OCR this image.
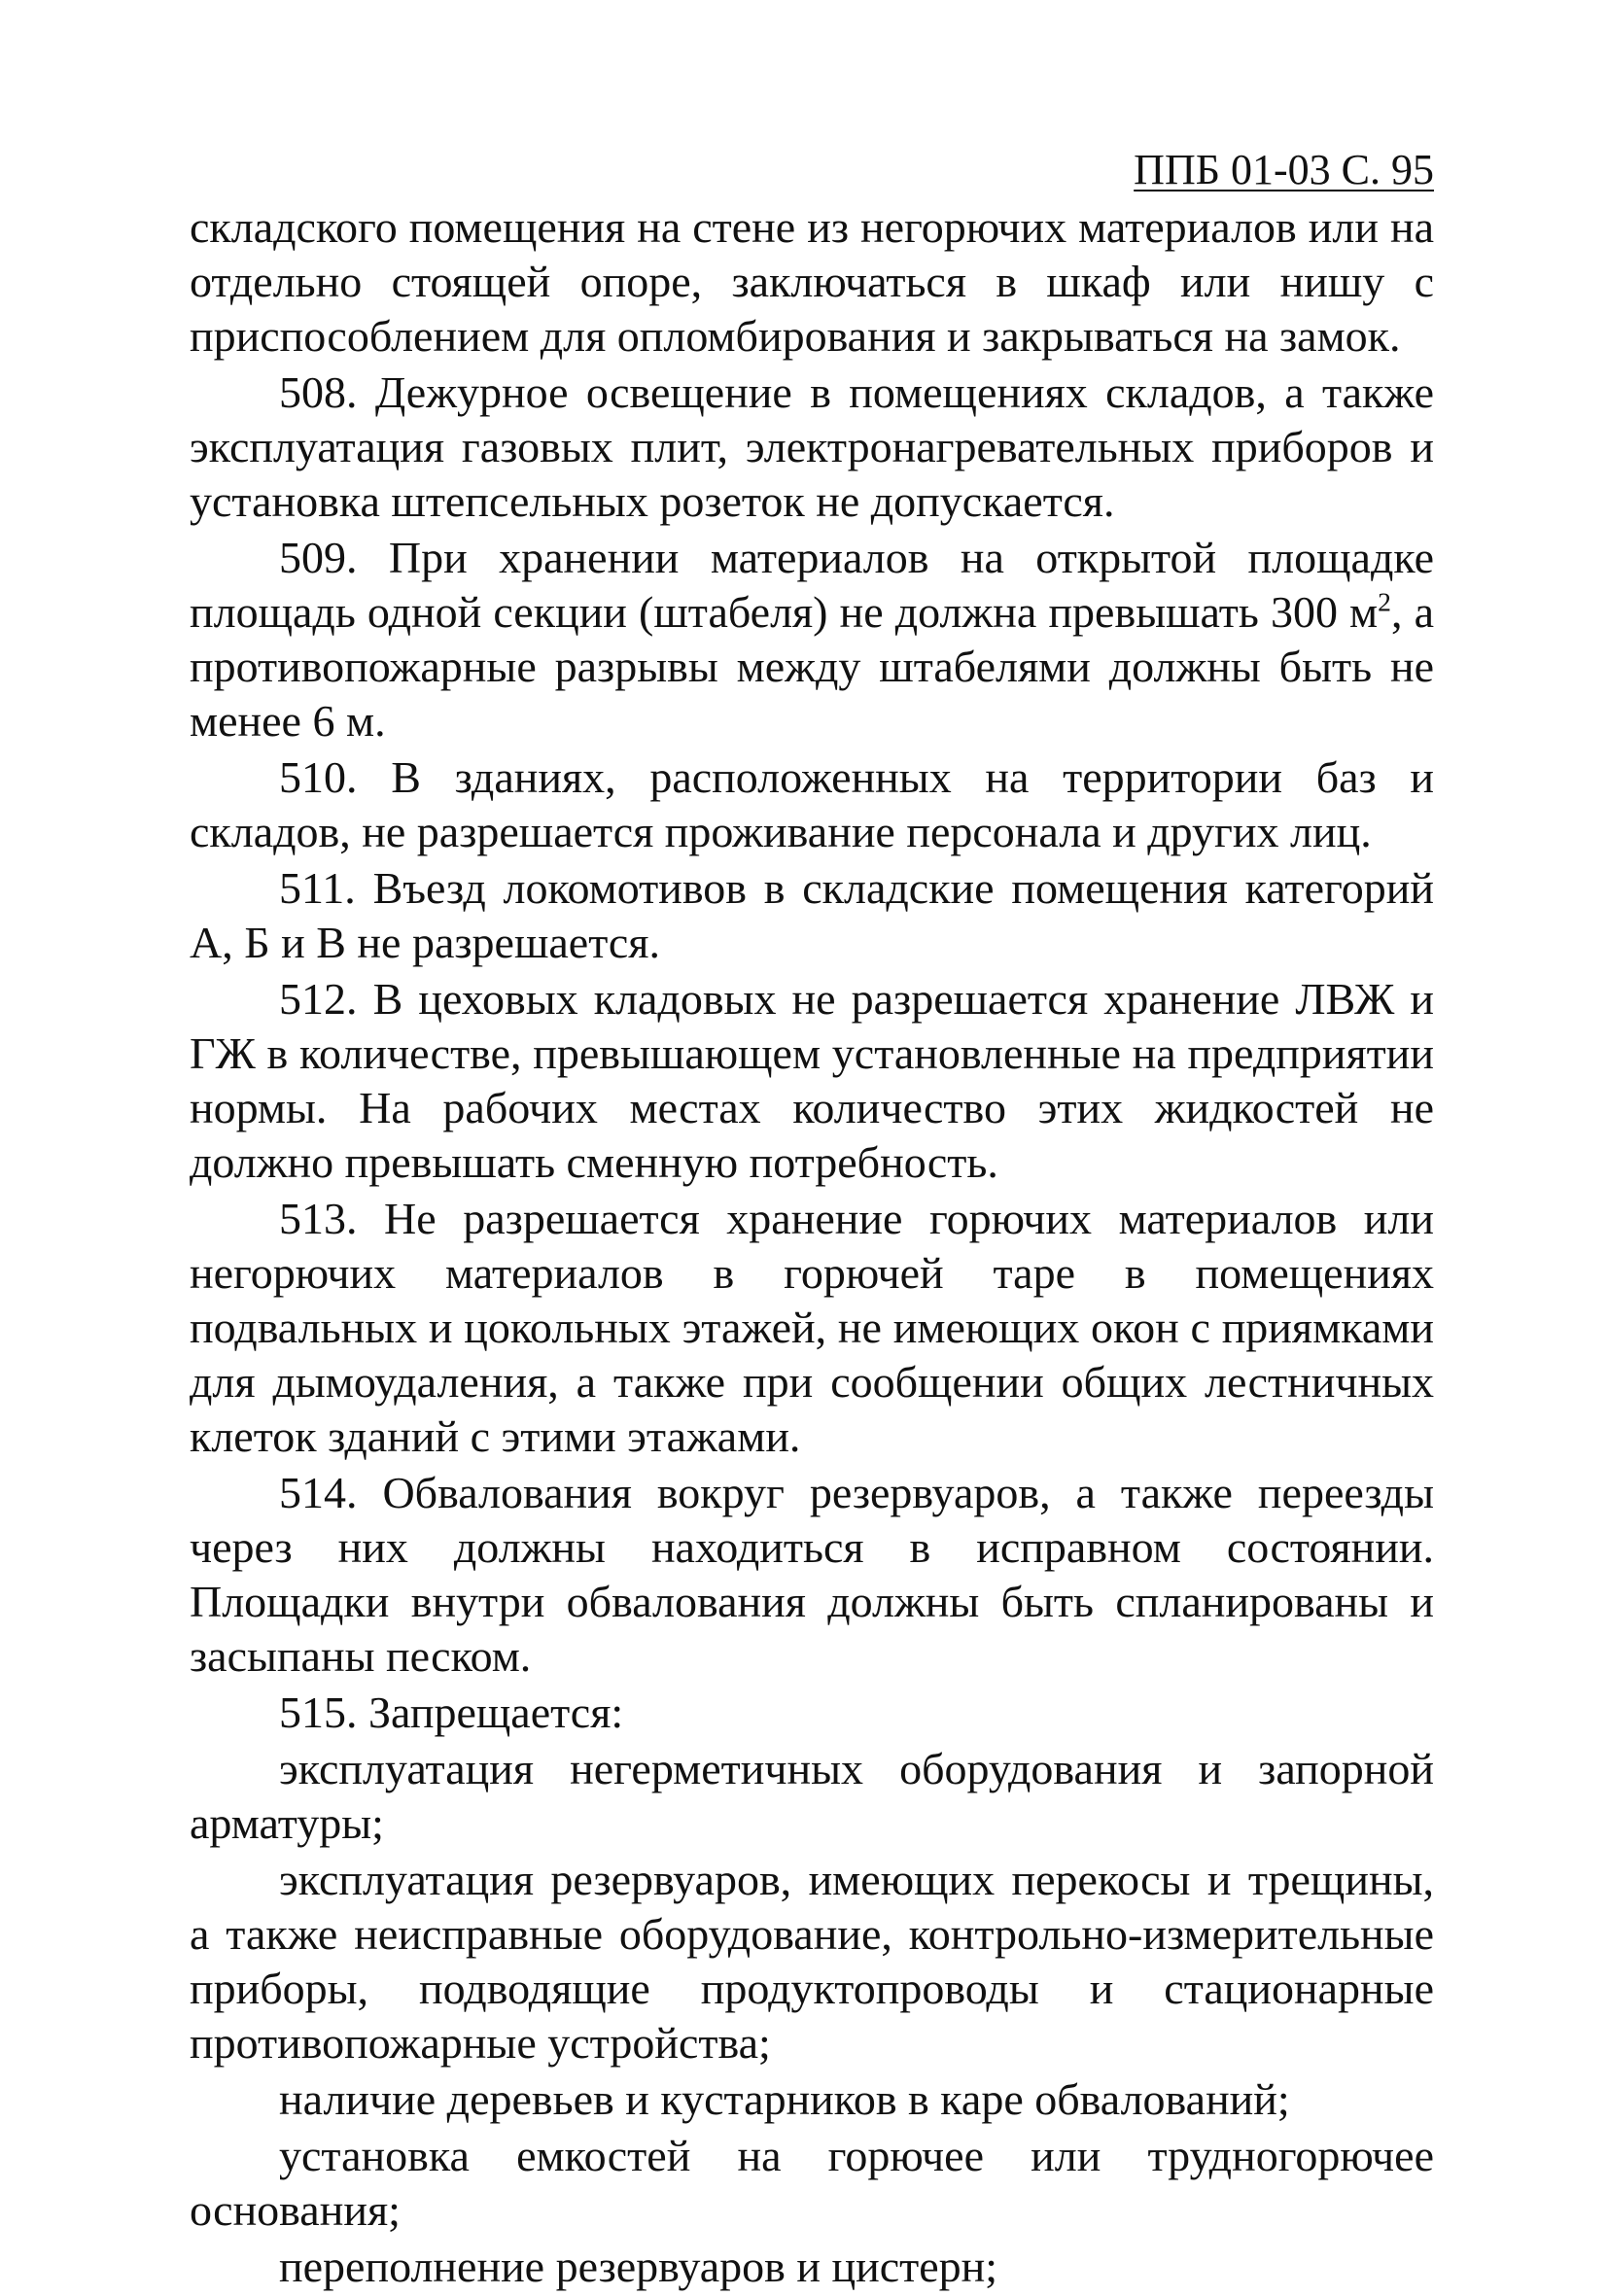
ППБ 01-03 С. 95

складского помещения на стене из негорючих материалов или на отдельно стоящей опоре, заключаться в шкаф или нишу с приспособлением для опломбирования и закрываться на замок.

508. Дежурное освещение в помещениях складов, а также эксплуатация газовых плит, электронагревательных приборов и установка штепсельных розеток не допускается.

509. При хранении материалов на открытой площадке площадь одной секции (штабеля) не должна превышать 300 $м^2$, а противопожарные разрывы между штабелями должны быть не менее 6 м.

510. В зданиях, расположенных на территории баз и складов, не разрешается проживание персонала и других лиц.

511. Въезд локомотивов в складские помещения категорий А, Б и В не разрешается.

512. В цеховых кладовых не разрешается хранение ЛВЖ и ГЖ в количестве, превышающем установленные на предприятии нормы. На рабочих местах количество этих жидкостей не должно превышать сменную потребность.

513. Не разрешается хранение горючих материалов или негорючих материалов в горючей таре в помещениях подвальных и цокольных этажей, не имеющих окон с приямками для дымоудаления, а также при сообщении общих лестничных клеток зданий с этими этажами.

514. Обвалования вокруг резервуаров, а также переезды через них должны находиться в исправном состоянии. Площадки внутри обвалования должны быть спланированы и засыпаны песком.

515. Запрещается:

эксплуатация негерметичных оборудования и запорной арматуры;

эксплуатация резервуаров, имеющих перекосы и трещины, а также неисправные оборудование, контрольно-измерительные приборы, подводящие продуктопроводы и стационарные противопожарные устройства;

наличие деревьев и кустарников в каре обвалований;

установка емкостей на горючее или трудногорючее основания;

переполнение резервуаров и цистерн;
